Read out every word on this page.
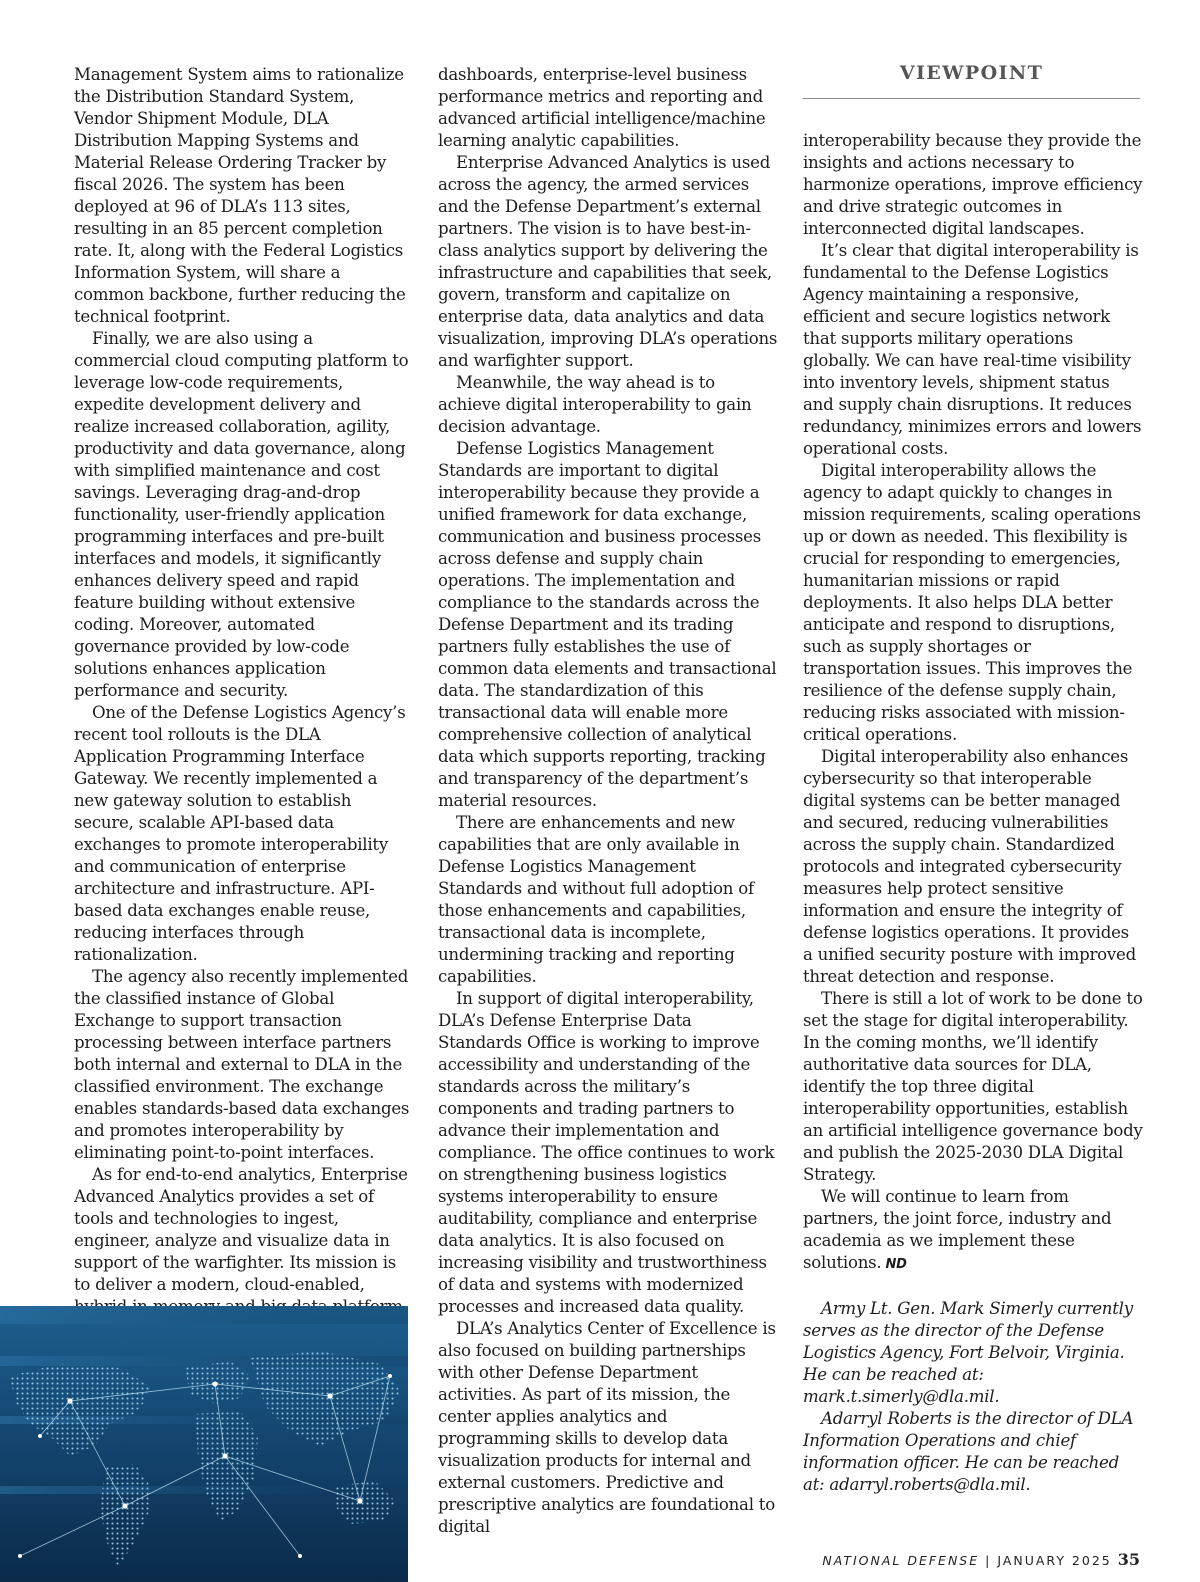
VIEWPOINT

Management System aims to rationalize the Distribution Standard System, Vendor Shipment Module, DLA Distribution Mapping Systems and Material Release Ordering Tracker by fiscal 2026. The system has been deployed at 96 of DLA’s 113 sites, resulting in an 85 percent completion rate. It, along with the Federal Logistics Information System, will share a common backbone, further reducing the technical footprint.

Finally, we are also using a commercial cloud computing platform to leverage low-code requirements, expedite development delivery and realize increased collaboration, agility, productivity and data governance, along with simplified maintenance and cost savings. Leveraging drag-and-drop functionality, user-friendly application programming interfaces and pre-built interfaces and models, it significantly enhances delivery speed and rapid feature building without extensive coding. Moreover, automated governance provided by low-code solutions enhances application performance and security.

One of the Defense Logistics Agency’s recent tool rollouts is the DLA Application Programming Interface Gateway. We recently implemented a new gateway solution to establish secure, scalable API-based data exchanges to promote interoperability and communication of enterprise architecture and infrastructure. API-based data exchanges enable reuse, reducing interfaces through rationalization.

The agency also recently implemented the classified instance of Global Exchange to support transaction processing between interface partners both internal and external to DLA in the classified environment. The exchange enables standards-based data exchanges and promotes interoperability by eliminating point-to-point interfaces.

As for end-to-end analytics, Enterprise Advanced Analytics provides a set of tools and technologies to ingest, engineer, analyze and visualize data in support of the warfighter. Its mission is to deliver a modern, cloud-enabled,

dashboards, enterprise-level business performance metrics and reporting and advanced artificial intelligence/machine learning analytic capabilities.

Enterprise Advanced Analytics is used across the agency, the armed services and the Defense Department’s external partners. The vision is to have best-in-class analytics support by delivering the infrastructure and capabilities that seek, govern, transform and capitalize on enterprise data, data analytics and data visualization, improving DLA’s operations and warfighter support.

Meanwhile, the way ahead is to achieve digital interoperability to gain decision advantage.

Defense Logistics Management Standards are important to digital interoperability because they provide a unified framework for data exchange, communication and business processes across defense and supply chain operations. The implementation and compliance to the standards across the Defense Department and its trading partners fully establishes the use of common data elements and transactional data. The standardization of this transactional data will enable more comprehensive collection of analytical data which supports reporting, tracking and transparency of the department’s material resources.

There are enhancements and new capabilities that are only available in Defense Logistics Management Standards and without full adoption of those enhancements and capabilities, transactional data is incomplete, undermining tracking and reporting capabilities.

In support of digital interoperability, DLA’s Defense Enterprise Data Standards Office is working to improve accessibility and understanding of the standards across the military’s components and trading partners to advance their implementation and compliance. The office continues to work on strengthening business logistics systems interoperability to ensure auditability, compliance and enterprise data analytics. It is also focused on increasing visibility and trustworthiness of data and systems with modernized processes and increased data quality.

DLA’s Analytics Center of Excellence is also focused on building partnerships with other Defense Department activities. As part of its mission, the center applies analytics and programming skills to develop data visualization products for internal and external customers. Predictive and prescriptive analytics are foundational to digital

interoperability because they provide the insights and actions necessary to harmonize operations, improve efficiency and drive strategic outcomes in interconnected digital landscapes.

It’s clear that digital interoperability is fundamental to the Defense Logistics Agency maintaining a responsive, efficient and secure logistics network that supports military operations globally. We can have real-time visibility into inventory levels, shipment status and supply chain disruptions. It reduces redundancy, minimizes errors and lowers operational costs.

Digital interoperability allows the agency to adapt quickly to changes in mission requirements, scaling operations up or down as needed. This flexibility is crucial for responding to emergencies, humanitarian missions or rapid deployments. It also helps DLA better anticipate and respond to disruptions, such as supply shortages or transportation issues. This improves the resilience of the defense supply chain, reducing risks associated with mission-critical operations.

Digital interoperability also enhances cybersecurity so that interoperable digital systems can be better managed and secured, reducing vulnerabilities across the supply chain. Standardized protocols and integrated cybersecurity measures help protect sensitive information and ensure the integrity of defense logistics operations. It provides a unified security posture with improved threat detection and response.

There is still a lot of work to be done to set the stage for digital interoperability. In the coming months, we’ll identify authoritative data sources for DLA, identify the top three digital interoperability opportunities, establish an artificial intelligence governance body and publish the 2025-2030 DLA Digital Strategy.

We will continue to learn from partners, the joint force, industry and academia as we implement these solutions. ND

Army Lt. Gen. Mark Simerly currently serves as the director of the Defense Logistics Agency, Fort Belvoir, Virginia. He can be reached at: mark.t.simerly@dla.mil.

Adarryl Roberts is the director of DLA Information Operations and chief information officer. He can be reached at: adarryl.roberts@dla.mil.

NATIONAL DEFENSE | JANUARY 2025 35
